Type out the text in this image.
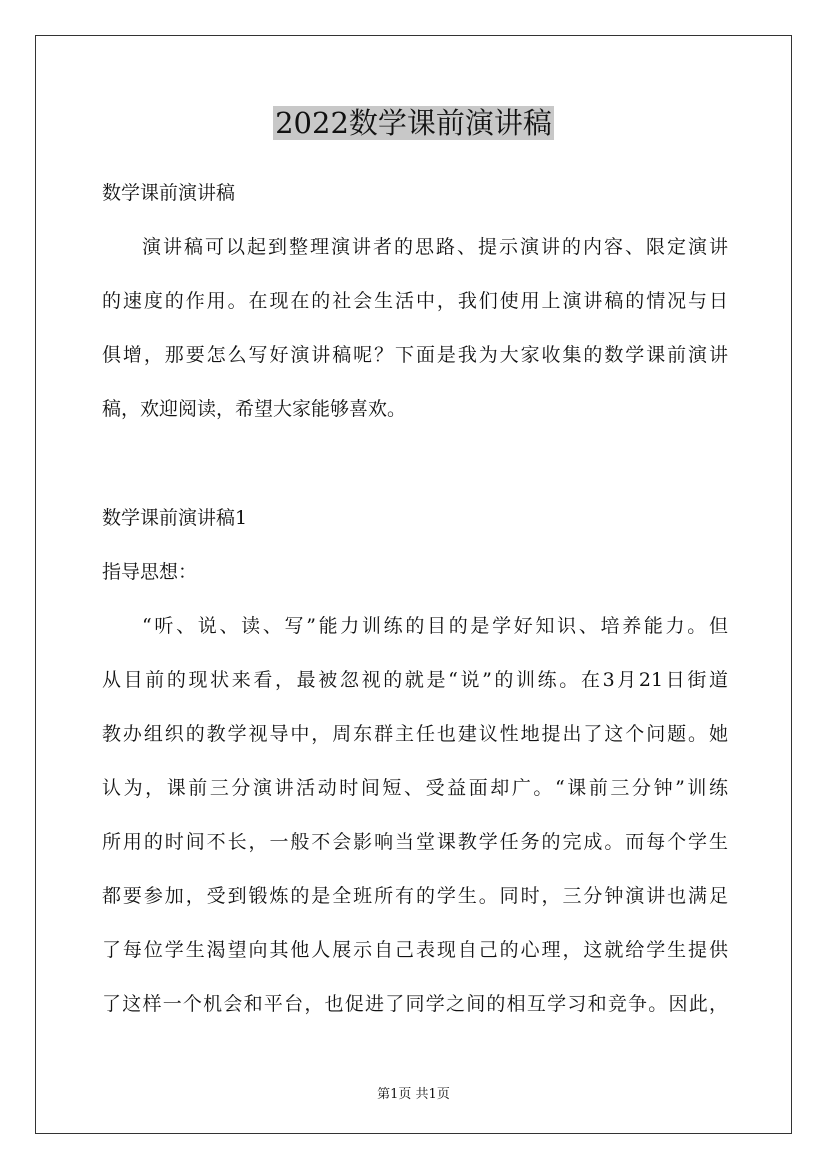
2022数学课前演讲稿
数学课前演讲稿
演讲稿可以起到整理演讲者的思路、提示演讲的内容、限定演讲
的速度的作用。在现在的社会生活中，我们使用上演讲稿的情况与日
俱增，那要怎么写好演讲稿呢？下面是我为大家收集的数学课前演讲
稿，欢迎阅读，希望大家能够喜欢。
数学课前演讲稿1
指导思想：
“听、说、读、写”能力训练的目的是学好知识、培养能力。但
从目前的现状来看，最被忽视的就是“说”的训练。在3月21日街道
教办组织的教学视导中，周东群主任也建议性地提出了这个问题。她
认为，课前三分演讲活动时间短、受益面却广。“课前三分钟”训练
所用的时间不长，一般不会影响当堂课教学任务的完成。而每个学生
都要参加，受到锻炼的是全班所有的学生。同时，三分钟演讲也满足
了每位学生渴望向其他人展示自己表现自己的心理，这就给学生提供
了这样一个机会和平台，也促进了同学之间的相互学习和竞争。因此，
第1页 共1页
